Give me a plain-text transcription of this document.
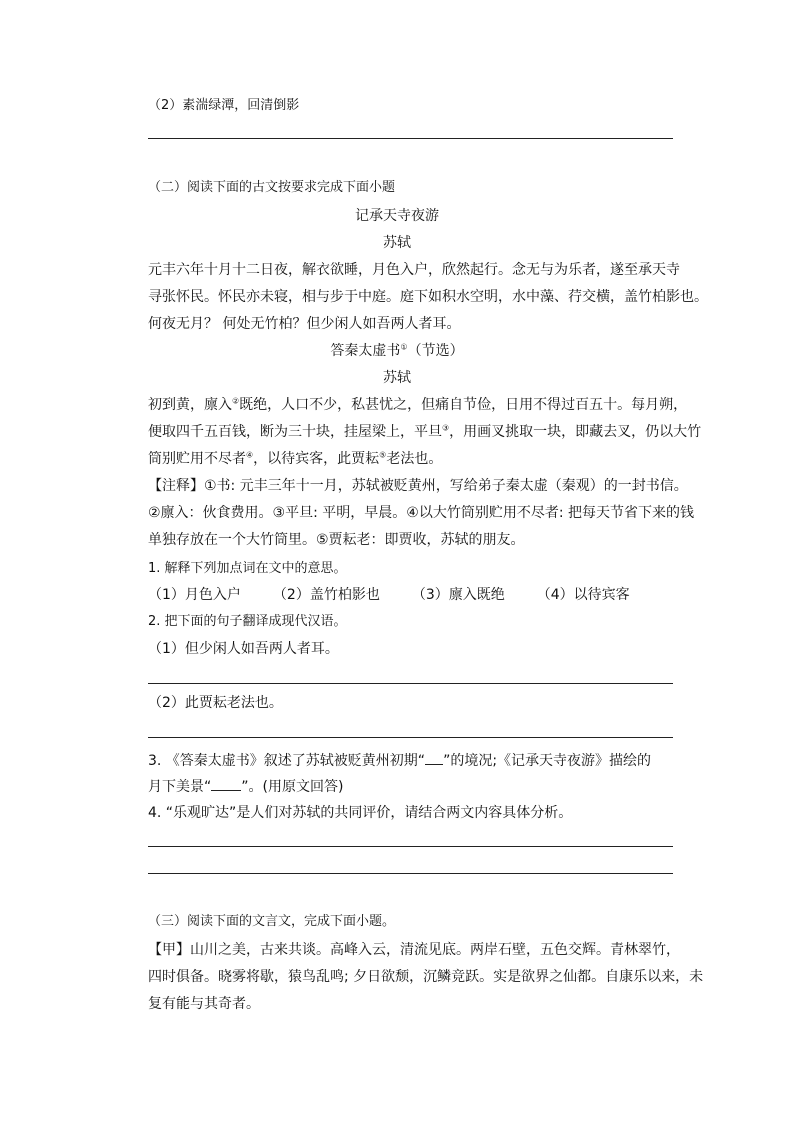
（2）素湍绿潭，回清倒影
（二）阅读下面的古文按要求完成下面小题
记承天寺夜游
苏轼
元丰六年十月十二日夜，解衣欲睡，月色入户，欣然起行。念无与为乐者，遂至承天寺
寻张怀民。怀民亦未寝，相与步于中庭。庭下如积水空明，水中藻、荇交横，盖竹柏影也。
何夜无月？ 何处无竹柏？但少闲人如吾两人者耳。
答秦太虚书①（节选）
苏轼
初到黄，廪入②既绝，人口不少，私甚忧之，但痛自节俭，日用不得过百五十。每月朔，
便取四千五百钱，断为三十块，挂屋梁上，平旦③，用画叉挑取一块，即藏去叉，仍以大竹
筒别贮用不尽者④，以待宾客，此贾耘⑤老法也。
【注释】①书: 元丰三年十一月，苏轼被贬黄州，写给弟子秦太虚（秦观）的一封书信。
②廪入：伙食费用。③平旦: 平明，早晨。④以大竹筒别贮用不尽者: 把每天节省下来的钱
单独存放在一个大竹筒里。⑤贾耘老：即贾收，苏轼的朋友。
1. 解释下列加点词在文中的意思。
（1）月色入户 （2）盖竹柏影也 （3）廪入既绝 （4）以待宾客
2. 把下面的句子翻译成现代汉语。
（1）但少闲人如吾两人者耳。
（2）此贾耘老法也。
3. 《答秦太虚书》叙述了苏轼被贬黄州初期“ ”的境况;《记承天寺夜游》描绘的
月下美景“ ”。(用原文回答)
4. “乐观旷达”是人们对苏轼的共同评价，请结合两文内容具体分析。
（三）阅读下面的文言文，完成下面小题。
【甲】山川之美，古来共谈。高峰入云，清流见底。两岸石壁，五色交辉。青林翠竹，
四时俱备。晓雾将歇，猿鸟乱鸣; 夕日欲颓，沉鳞竞跃。实是欲界之仙都。自康乐以来，未
复有能与其奇者。
